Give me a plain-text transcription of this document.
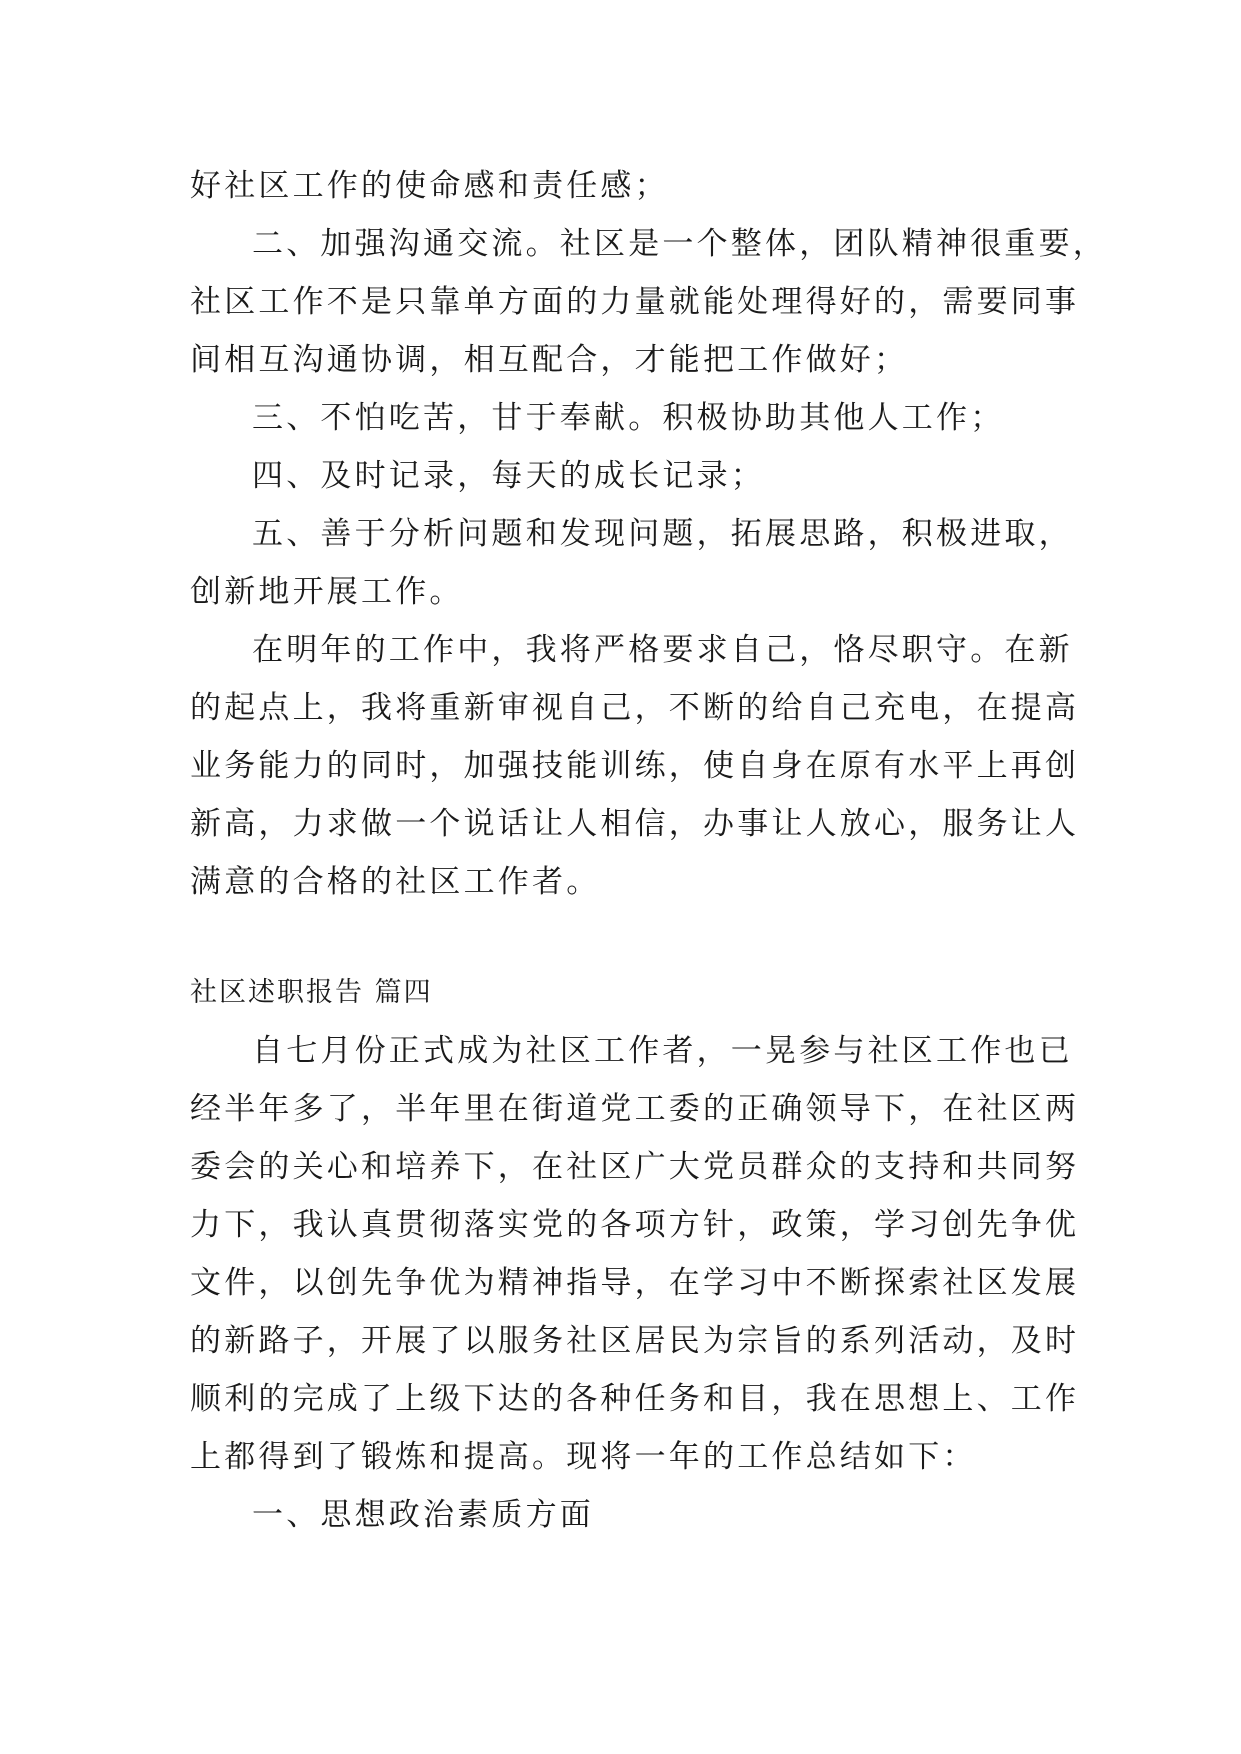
好社区工作的使命感和责任感；
二、加强沟通交流。社区是一个整体，团队精神很重要，
社区工作不是只靠单方面的力量就能处理得好的，需要同事
间相互沟通协调，相互配合，才能把工作做好；
三、不怕吃苦，甘于奉献。积极协助其他人工作；
四、及时记录，每天的成长记录；
五、善于分析问题和发现问题，拓展思路，积极进取，
创新地开展工作。
在明年的工作中，我将严格要求自己，恪尽职守。在新
的起点上，我将重新审视自己，不断的给自己充电，在提高
业务能力的同时，加强技能训练，使自身在原有水平上再创
新高，力求做一个说话让人相信，办事让人放心，服务让人
满意的合格的社区工作者。
社区述职报告 篇四
自七月份正式成为社区工作者，一晃参与社区工作也已
经半年多了，半年里在街道党工委的正确领导下，在社区两
委会的关心和培养下，在社区广大党员群众的支持和共同努
力下，我认真贯彻落实党的各项方针，政策，学习创先争优
文件，以创先争优为精神指导，在学习中不断探索社区发展
的新路子，开展了以服务社区居民为宗旨的系列活动，及时
顺利的完成了上级下达的各种任务和目，我在思想上、工作
上都得到了锻炼和提高。现将一年的工作总结如下：
一、思想政治素质方面
